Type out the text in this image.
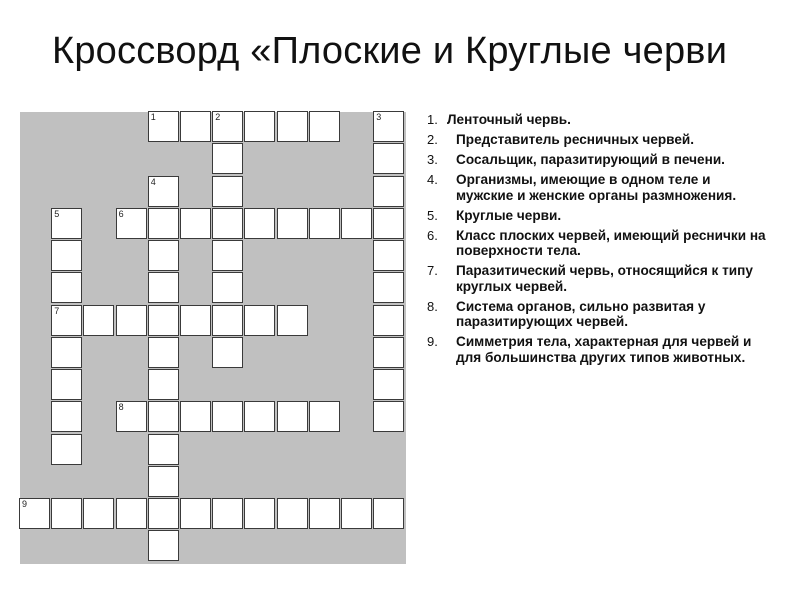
Кроссворд «Плоские и Круглые черви
1	2	3
4
5
7
6
8
9
1. Ленточный червь.
2. Представитель ресничных червей.
3. Сосальщик, паразитирующий в печени.
4. Организмы, имеющие в одном теле и мужские и женские органы размножения.
5. Круглые черви.
6. Класс плоских червей, имеющий реснички на поверхности тела.
7. Паразитический червь, относящийся к типу круглых червей.
8. Система органов, сильно развитая у паразитирующих червей.
9. Симметрия тела, характерная для червей и для большинства других типов животных.
